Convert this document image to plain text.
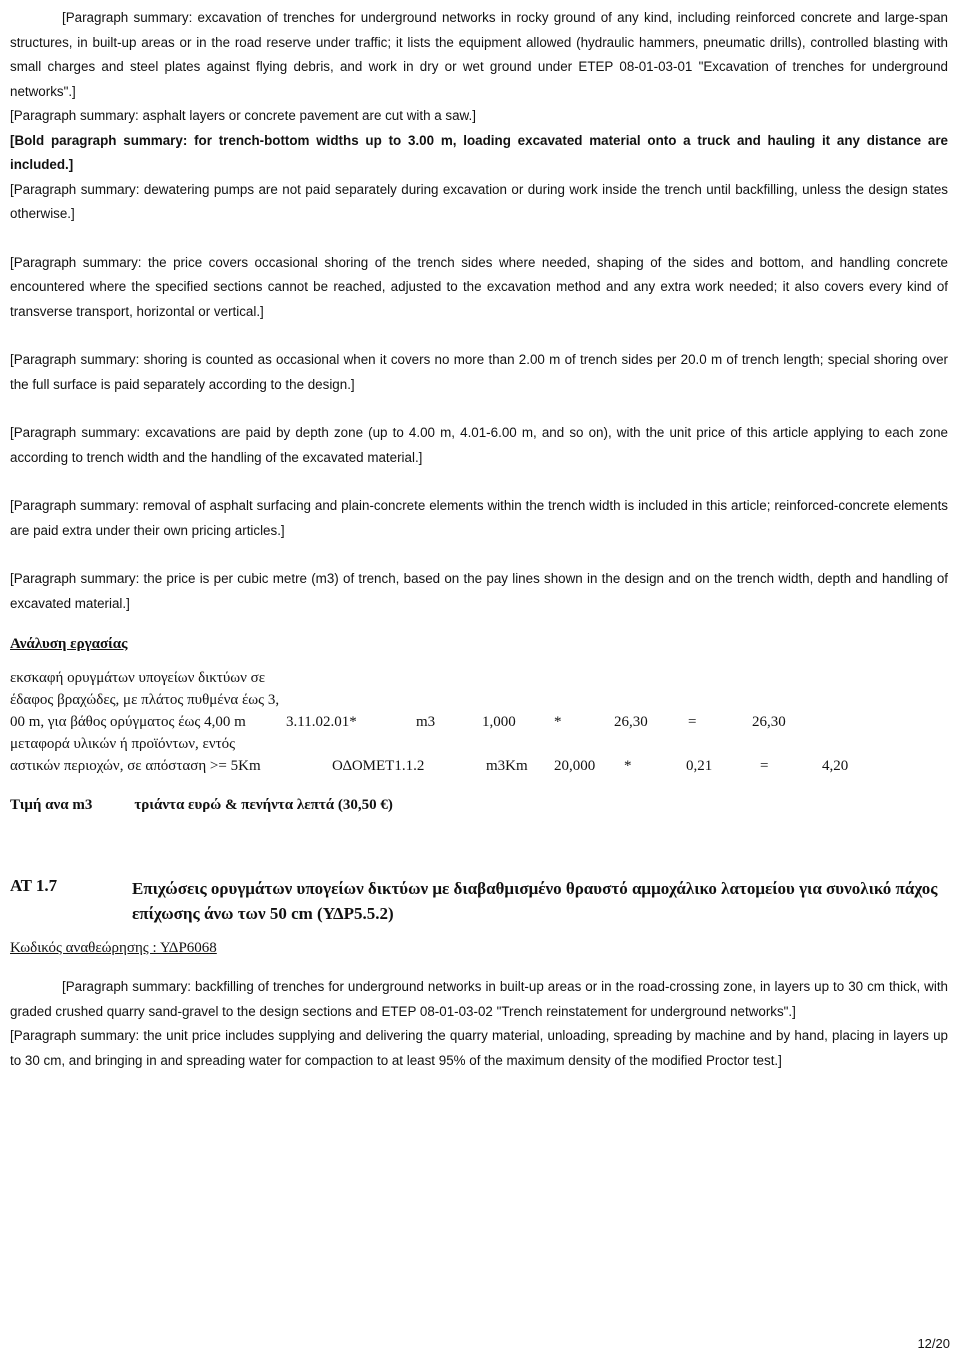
[Paragraph summary: excavation of trenches for underground networks in rocky ground of any kind, including reinforced concrete and large-span structures, in built-up areas or in the road reserve under traffic; it lists the equipment allowed (hydraulic hammers, pneumatic drills), controlled blasting with small charges and steel plates against flying debris, and work in dry or wet ground under ETEP 08-01-03-01 "Excavation of trenches for underground networks".]

[Paragraph summary: asphalt layers or concrete pavement are cut with a saw.]

[Bold paragraph summary: for trench-bottom widths up to 3.00 m, loading excavated material onto a truck and hauling it any distance are included.]

[Paragraph summary: dewatering pumps are not paid separately during excavation or during work inside the trench until backfilling, unless the design states otherwise.]

[Paragraph summary: the price covers occasional shoring of the trench sides where needed, shaping of the sides and bottom, and handling concrete encountered where the specified sections cannot be reached, adjusted to the excavation method and any extra work needed; it also covers every kind of transverse transport, horizontal or vertical.]

[Paragraph summary: shoring is counted as occasional when it covers no more than 2.00 m of trench sides per 20.0 m of trench length; special shoring over the full surface is paid separately according to the design.]

[Paragraph summary: excavations are paid by depth zone (up to 4.00 m, 4.01-6.00 m, and so on), with the unit price of this article applying to each zone according to trench width and the handling of the excavated material.]

[Paragraph summary: removal of asphalt surfacing and plain-concrete elements within the trench width is included in this article; reinforced-concrete elements are paid extra under their own pricing articles.]

[Paragraph summary: the price is per cubic metre (m3) of trench, based on the pay lines shown in the design and on the trench width, depth and handling of excavated material.]

Ανάλυση εργασίας

εκσκαφή ορυγμάτων υπογείων δικτύων σε
έδαφος βραχώδες, με πλάτος πυθμένα έως 3,
00 m, για βάθος ορύγματος έως 4,00 m	3.11.02.01*	m3	1,000	*	26,30	=	26,30
μεταφορά υλικών ή προϊόντων, εντός
αστικών περιοχών, σε απόσταση >= 5Km	ΟΔΟΜΕΤ1.1.2	m3Km	20,000	*	0,21	=	4,20
Τιμή ανα m3	τριάντα ευρώ & πενήντα λεπτά (30,50 €)
ΑΤ 1.7	Επιχώσεις ορυγμάτων υπογείων δικτύων με διαβαθμισμένο θραυστό αμμοχάλικο λατομείου για συνολικό πάχος επίχωσης άνω των 50 cm (ΥΔΡ5.5.2)
Κωδικός αναθεώρησης : ΥΔΡ6068

[Paragraph summary: backfilling of trenches for underground networks in built-up areas or in the road-crossing zone, in layers up to 30 cm thick, with graded crushed quarry sand-gravel to the design sections and ETEP 08-01-03-02 "Trench reinstatement for underground networks".]

[Paragraph summary: the unit price includes supplying and delivering the quarry material, unloading, spreading by machine and by hand, placing in layers up to 30 cm, and bringing in and spreading water for compaction to at least 95% of the maximum density of the modified Proctor test.]

12/20
